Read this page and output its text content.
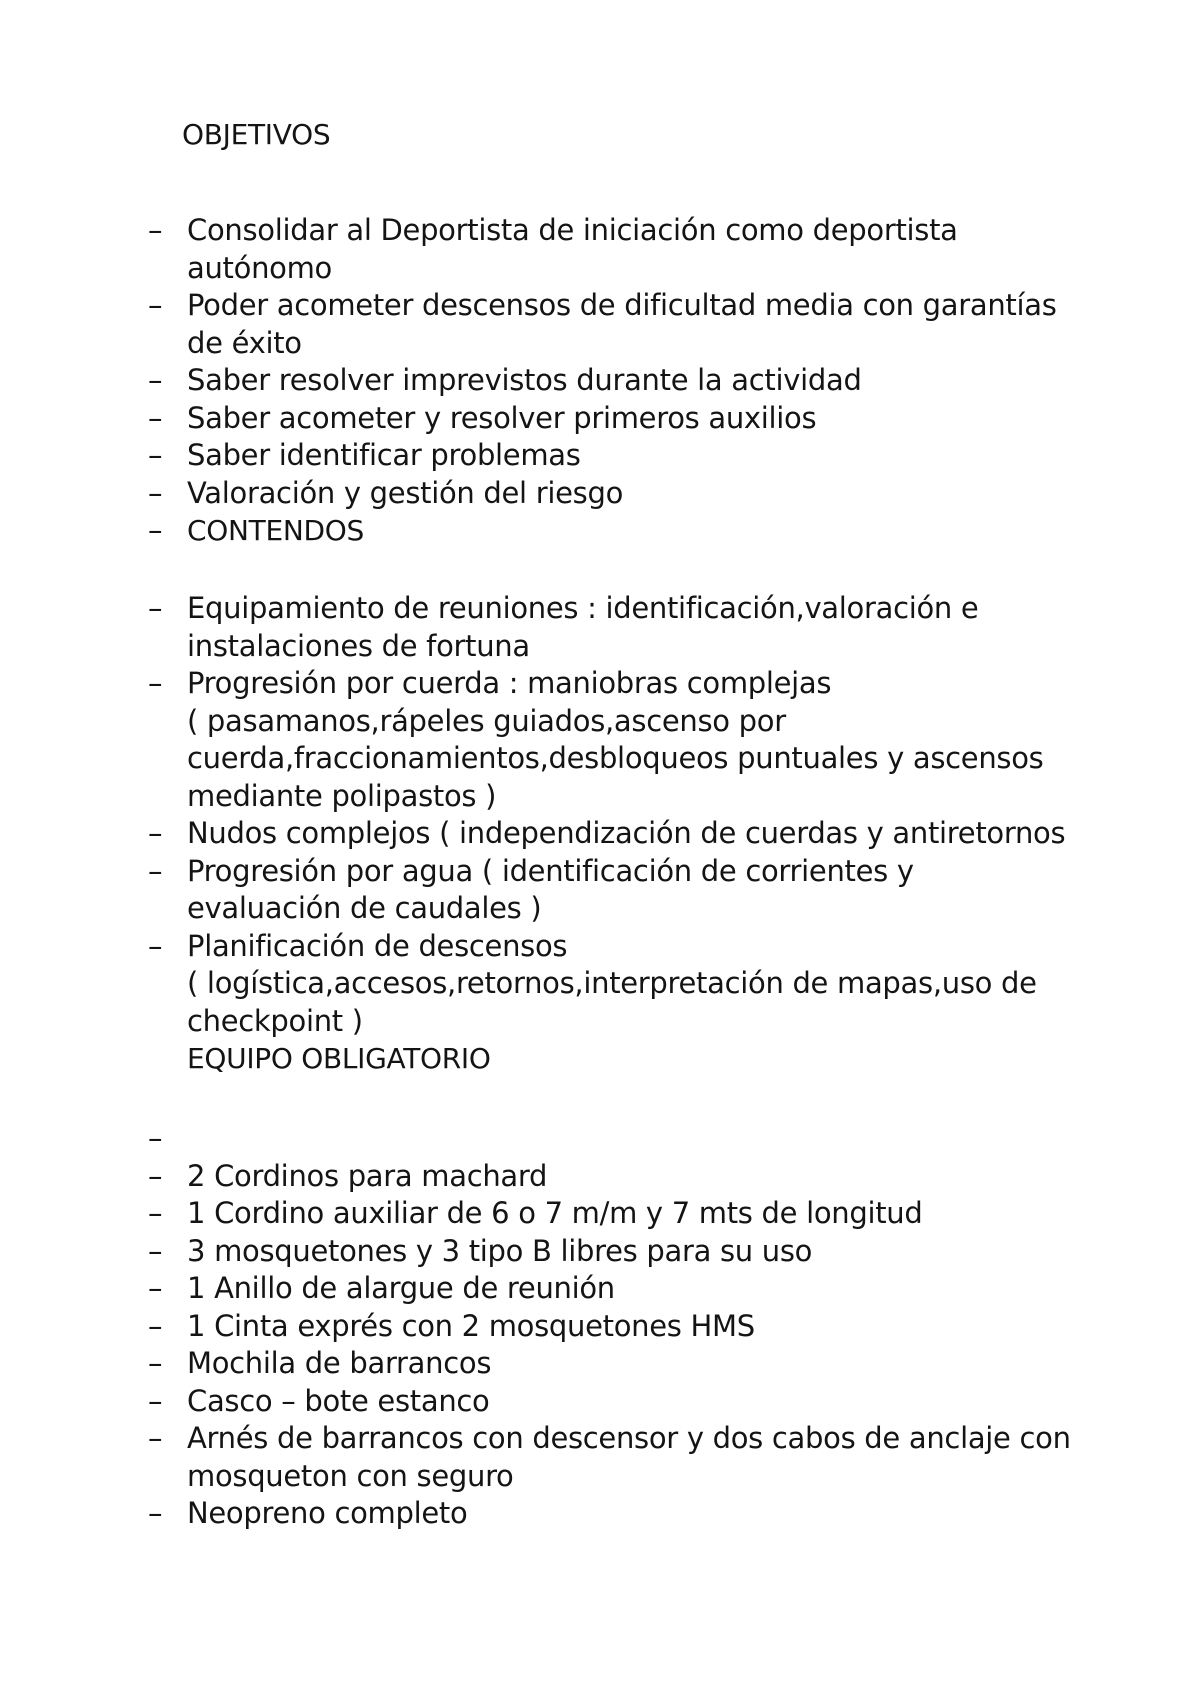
OBJETIVOS
– Consolidar al Deportista de iniciación como deportista
autónomo
– Poder acometer descensos de dificultad media con garantías
de éxito
– Saber resolver imprevistos durante la actividad
– Saber acometer y resolver primeros auxilios
– Saber identificar problemas
– Valoración y gestión del riesgo
– CONTENDOS
– Equipamiento de reuniones : identificación,valoración e
instalaciones de fortuna
– Progresión por cuerda : maniobras complejas
( pasamanos,rápeles guiados,ascenso por
cuerda,fraccionamientos,desbloqueos puntuales y ascensos
mediante polipastos )
– Nudos complejos ( independización de cuerdas y antiretornos
– Progresión por agua ( identificación de corrientes y
evaluación de caudales )
– Planificación de descensos
( logística,accesos,retornos,interpretación de mapas,uso de
checkpoint )
EQUIPO OBLIGATORIO
–

– 2 Cordinos para machard
– 1 Cordino auxiliar de 6 o 7 m/m y 7 mts de longitud
– 3 mosquetones y 3 tipo B libres para su uso
– 1 Anillo de alargue de reunión
– 1 Cinta exprés con 2 mosquetones HMS
– Mochila de barrancos
– Casco – bote estanco
– Arnés de barrancos con descensor y dos cabos de anclaje con
mosqueton con seguro
– Neopreno completo
